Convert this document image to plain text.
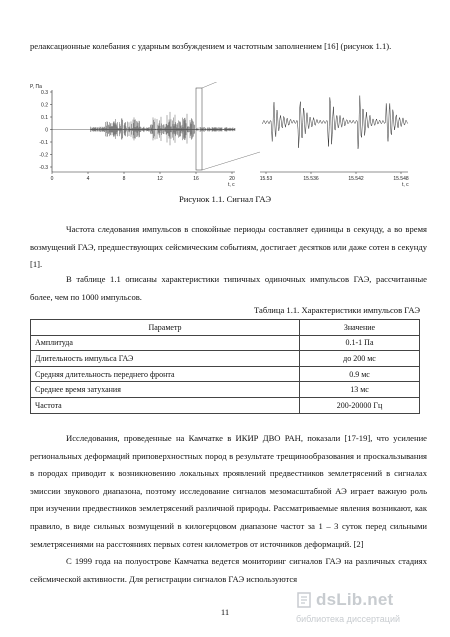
релаксационные колебания с ударным возбуждением и частотным заполнением [16] (рисунок 1.1).
P, Па
0.3
0.2
0.1
0
-0.1
-0.2
-0.3
0	4	8	12	16	20
t, c
15.53	15.536	15.542	15.548
t, c
Рисунок 1.1. Сигнал ГАЭ
Частота следования импульсов в спокойные периоды составляет единицы в секунду, а во время возмущений ГАЭ, предшествующих сейсмическим событиям, достигает десятков или даже сотен в секунду [1].
В таблице 1.1 описаны характеристики типичных одиночных импульсов ГАЭ, рассчитанные более, чем по 1000 импульсов.
Таблица 1.1. Характеристики импульсов ГАЭ
Параметр	Значение
Амплитуда	0.1-1 Па
Длительность импульса ГАЭ	до 200 мс
Средняя длительность переднего фронта	0.9 мс
Среднее время затухания	13 мс
Частота	200-20000 Гц
Исследования, проведенные на Камчатке в ИКИР ДВО РАН, показали [17-19], что усиление региональных деформаций приповерхностных пород в результате трещинообразования и проскальзывания в породах приводит к возникновению локальных проявлений предвестников землетрясений в сигналах эмиссии звукового диапазона, поэтому исследование сигналов мезомасштабной АЭ играет важную роль при изучении предвестников землетрясений различной природы. Рассматриваемые явления возникают, как правило, в виде сильных возмущений в килогерцовом диапазоне частот за 1 – 3 суток перед сильными землетрясениями на расстояниях первых сотен километров от источников деформаций. [2]
С 1999 года на полуострове Камчатка ведется мониторинг сигналов ГАЭ на различных стадиях сейсмической активности. Для регистрации сигналов ГАЭ используются
11
dsLib.net
библиотека диссертаций
